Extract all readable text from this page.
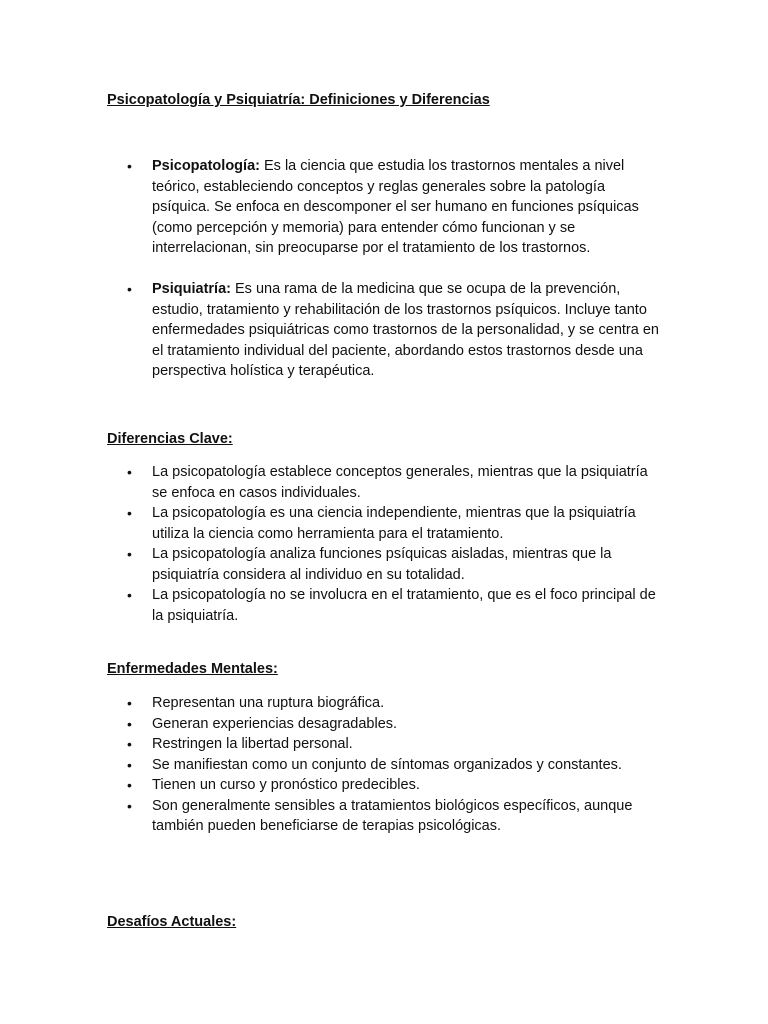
Psicopatología y Psiquiatría: Definiciones y Diferencias
• Psicopatología: Es la ciencia que estudia los trastornos mentales a nivel teórico, estableciendo conceptos y reglas generales sobre la patología psíquica. Se enfoca en descomponer el ser humano en funciones psíquicas (como percepción y memoria) para entender cómo funcionan y se interrelacionan, sin preocuparse por el tratamiento de los trastornos.
• Psiquiatría: Es una rama de la medicina que se ocupa de la prevención, estudio, tratamiento y rehabilitación de los trastornos psíquicos. Incluye tanto enfermedades psiquiátricas como trastornos de la personalidad, y se centra en el tratamiento individual del paciente, abordando estos trastornos desde una perspectiva holística y terapéutica.
Diferencias Clave:
• La psicopatología establece conceptos generales, mientras que la psiquiatría se enfoca en casos individuales.
• La psicopatología es una ciencia independiente, mientras que la psiquiatría utiliza la ciencia como herramienta para el tratamiento.
• La psicopatología analiza funciones psíquicas aisladas, mientras que la psiquiatría considera al individuo en su totalidad.
• La psicopatología no se involucra en el tratamiento, que es el foco principal de la psiquiatría.
Enfermedades Mentales:
• Representan una ruptura biográfica.
• Generan experiencias desagradables.
• Restringen la libertad personal.
• Se manifiestan como un conjunto de síntomas organizados y constantes.
• Tienen un curso y pronóstico predecibles.
• Son generalmente sensibles a tratamientos biológicos específicos, aunque también pueden beneficiarse de terapias psicológicas.
Desafíos Actuales:
